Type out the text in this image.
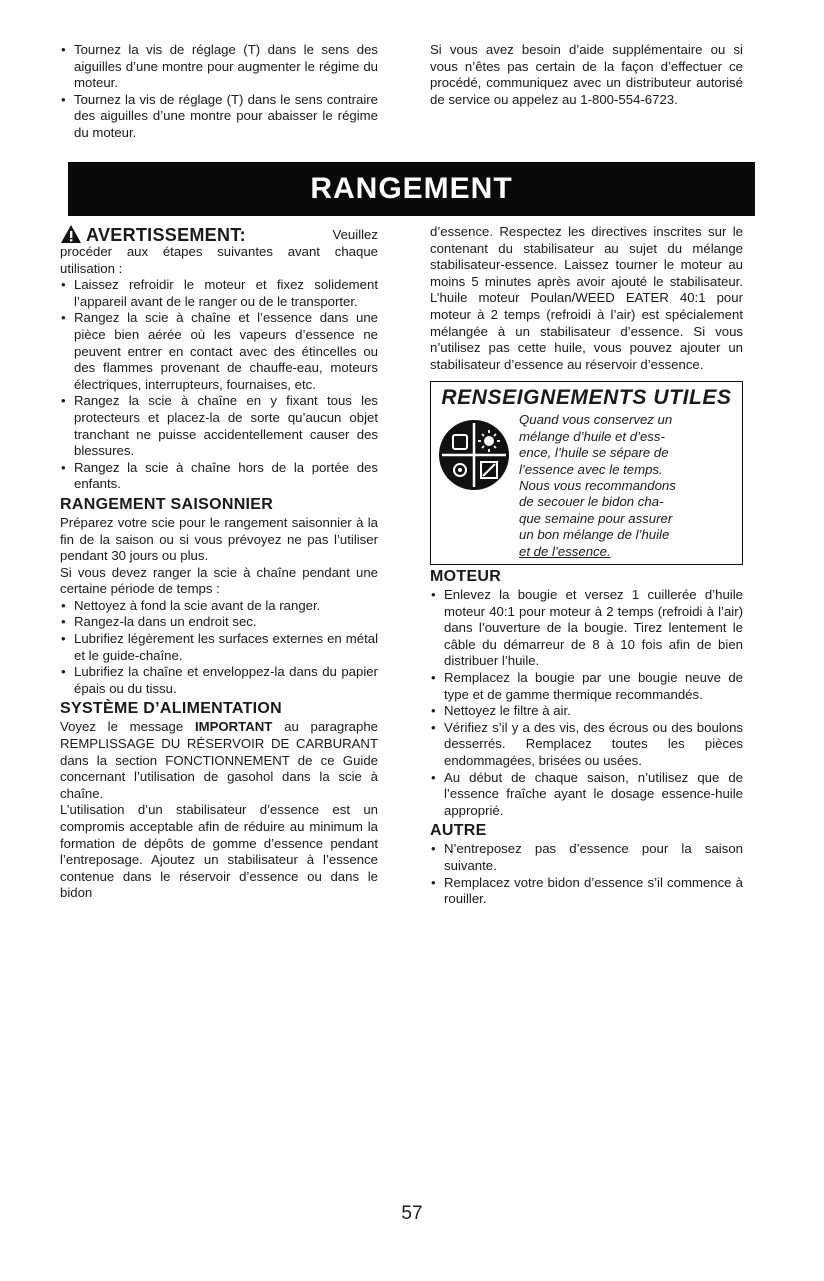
• Tournez la vis de réglage (T) dans le sens des aiguilles d’une montre pour augmenter le régime du moteur.
• Tournez la vis de réglage (T) dans le sens contraire des aiguilles d’une montre pour abaisser le régime du moteur.

Si vous avez besoin d’aide supplémentaire ou si vous n’êtes pas certain de la façon d’effectuer ce procédé, communiquez avec un distributeur autorisé de service ou appelez au 1-800-554-6723.

RANGEMENT
AVERTISSEMENT:	Veuillez

procéder aux étapes suivantes avant chaque utilisation :

• Laissez refroidir le moteur et fixez solidement l’appareil avant de le ranger ou de le transporter.
• Rangez la scie à chaîne et l’essence dans une pièce bien aérée où les vapeurs d’essence ne peuvent entrer en contact avec des étincelles ou des flammes provenant de chauffe-eau, moteurs électriques, interrupteurs, fournaises, etc.
• Rangez la scie à chaîne en y fixant tous les protecteurs et placez-la de sorte qu’aucun objet tranchant ne puisse accidentellement causer des blessures.
• Rangez la scie à chaîne hors de la portée des enfants.
RANGEMENT SAISONNIER

Préparez votre scie pour le rangement saisonnier à la fin de la saison ou si vous prévoyez ne pas l’utiliser pendant 30 jours ou plus.

Si vous devez ranger la scie à chaîne pendant une certaine période de temps :

• Nettoyez à fond la scie avant de la ranger.
• Rangez-la dans un endroit sec.
• Lubrifiez légèrement les surfaces externes en métal et le guide-chaîne.
• Lubrifiez la chaîne et enveloppez-la dans du papier épais ou du tissu.
SYSTÈME D’ALIMENTATION

Voyez le message IMPORTANT au paragraphe REMPLISSAGE DU RÉSERVOIR DE CARBURANT dans la section FONCTIONNEMENT de ce Guide concernant l’utilisation de gasohol dans la scie à chaîne.

L’utilisation d’un stabilisateur d’essence est un compromis acceptable afin de réduire au minimum la formation de dépôts de gomme d’essence pendant l’entreposage. Ajoutez un stabilisateur à l’essence contenue dans le réservoir d’essence ou dans le bidon

d’essence. Respectez les directives inscrites sur le contenant du stabilisateur au sujet du mélange stabilisateur-essence. Laissez tourner le moteur au moins 5 minutes après avoir ajouté le stabilisateur. L’huile moteur Poulan/WEED EATER 40:1 pour moteur à 2 temps (refroidi à l’air) est spécialement mélangée à un stabilisateur d’essence. Si vous n’utilisez pas cette huile, vous pouvez ajouter un stabilisateur d’essence au réservoir d’essence.

RENSEIGNEMENTS UTILES
Quand vous conservez un
mélange d’huile et d’ess-
ence, l’huile se sépare de
l’essence avec le temps.
Nous vous recommandons
de secouer le bidon cha-
que semaine pour assurer
un bon mélange de l’huile
et de l’essence.
MOTEUR
• Enlevez la bougie et versez 1 cuillerée d’huile moteur 40:1 pour moteur à 2 temps (refroidi à l’air) dans l’ouverture de la bougie. Tirez lentement le câble du démarreur de 8 à 10 fois afin de bien distribuer l’huile.
• Remplacez la bougie par une bougie neuve de type et de gamme thermique recommandés.
• Nettoyez le filtre à air.
• Vérifiez s’il y a des vis, des écrous ou des boulons desserrés. Remplacez toutes les pièces endommagées, brisées ou usées.
• Au début de chaque saison, n’utilisez que de l’essence fraîche ayant le dosage essence-huile approprié.
AUTRE
• N’entreposez pas d’essence pour la saison suivante.
• Remplacez votre bidon d’essence s’il commence à rouiller.
57
